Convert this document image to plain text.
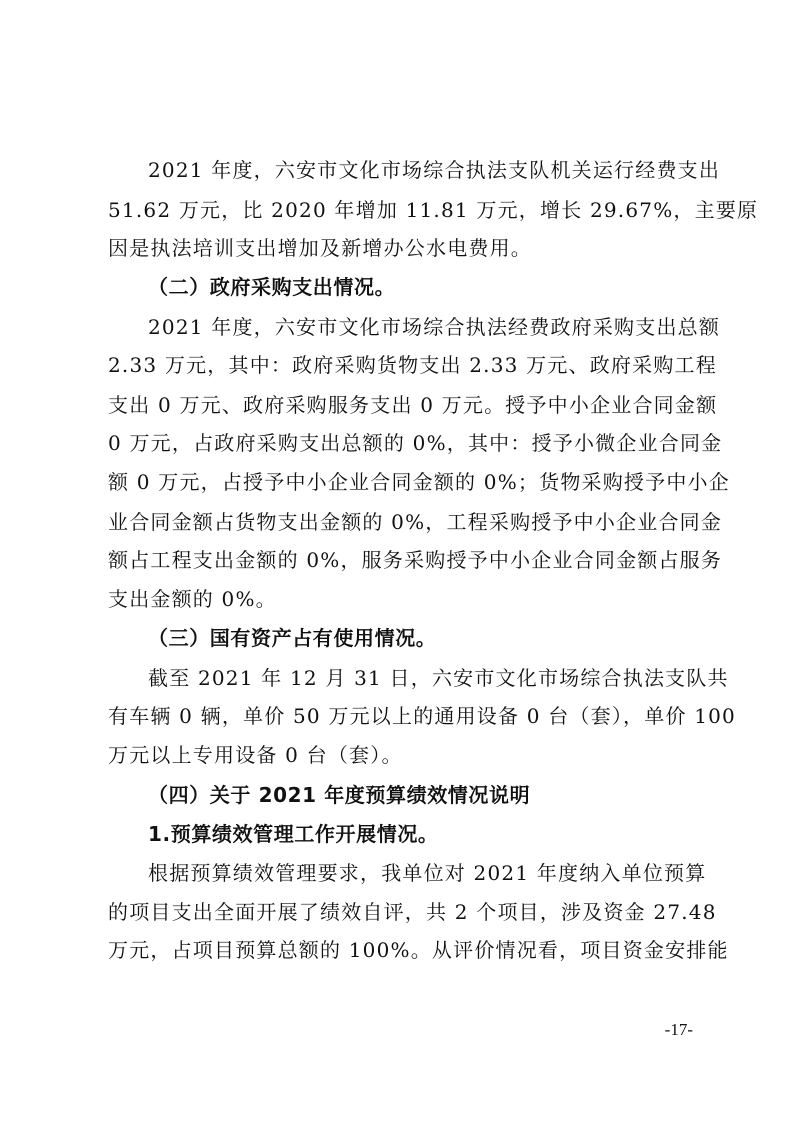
2021 年度，六安市文化市场综合执法支队机关运行经费支出
51.62 万元，比 2020 年增加 11.81 万元，增长 29.67%，主要原
因是执法培训支出增加及新增办公水电费用。
（二）政府采购支出情况。
2021 年度，六安市文化市场综合执法经费政府采购支出总额
2.33 万元，其中：政府采购货物支出 2.33 万元、政府采购工程
支出 0 万元、政府采购服务支出 0 万元。授予中小企业合同金额
0 万元，占政府采购支出总额的 0%，其中：授予小微企业合同金
额 0 万元，占授予中小企业合同金额的 0%；货物采购授予中小企
业合同金额占货物支出金额的 0%，工程采购授予中小企业合同金
额占工程支出金额的 0%，服务采购授予中小企业合同金额占服务
支出金额的 0%。
（三）国有资产占有使用情况。
截至 2021 年 12 月 31 日，六安市文化市场综合执法支队共
有车辆 0 辆，单价 50 万元以上的通用设备 0 台（套），单价 100
万元以上专用设备 0 台（套）。
（四）关于 2021 年度预算绩效情况说明
1.预算绩效管理工作开展情况。
根据预算绩效管理要求，我单位对 2021 年度纳入单位预算
的项目支出全面开展了绩效自评，共 2 个项目，涉及资金 27.48
万元，占项目预算总额的 100%。从评价情况看，项目资金安排能
-17-
